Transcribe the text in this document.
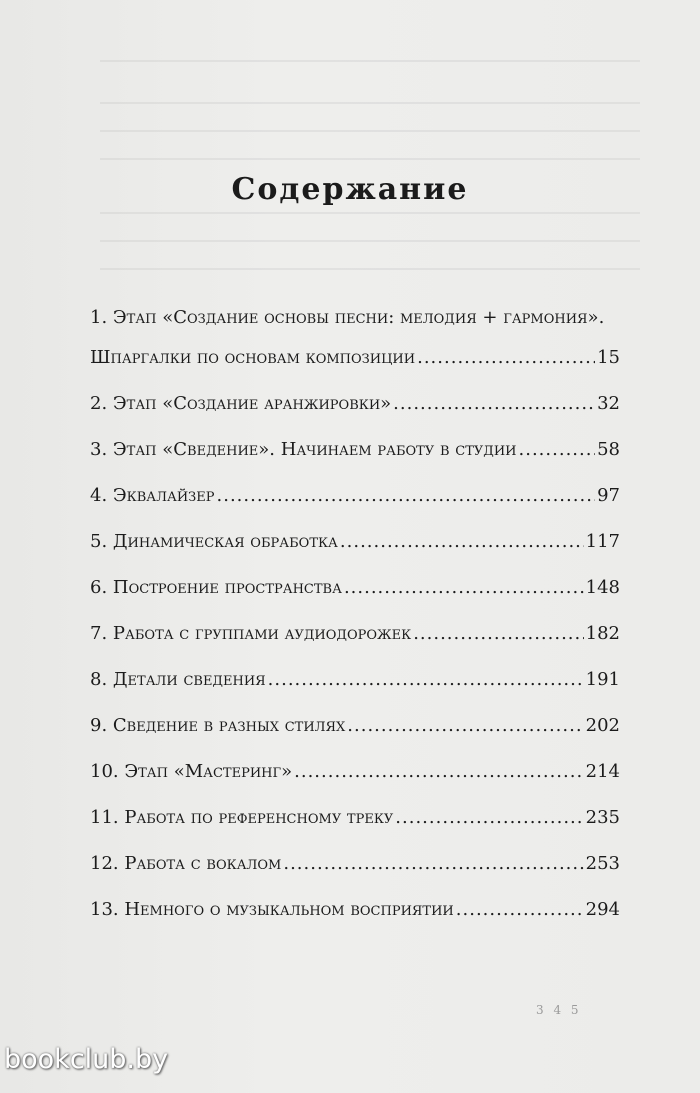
Содержание
1. Этап «Создание основы песни: мелодия + гармония».
Шпаргалки по основам композиции .....	15
2. Этап «Создание аранжировки» .....	32
3. Этап «Сведение». Начинаем работу в студии .....	58
4. Эквалайзер .....	97
5. Динамическая обработка .....	117
6. Построение пространства .....	148
7. Работа с группами аудиодорожек .....	182
8. Детали сведения .....	191
9. Сведение в разных стилях .....	202
10. Этап «Мастеринг» .....	214
11. Работа по референсному треку .....	235
12. Работа с вокалом .....	253
13. Немного о музыкальном восприятии .....	294
3 4 5
bookclub.by
